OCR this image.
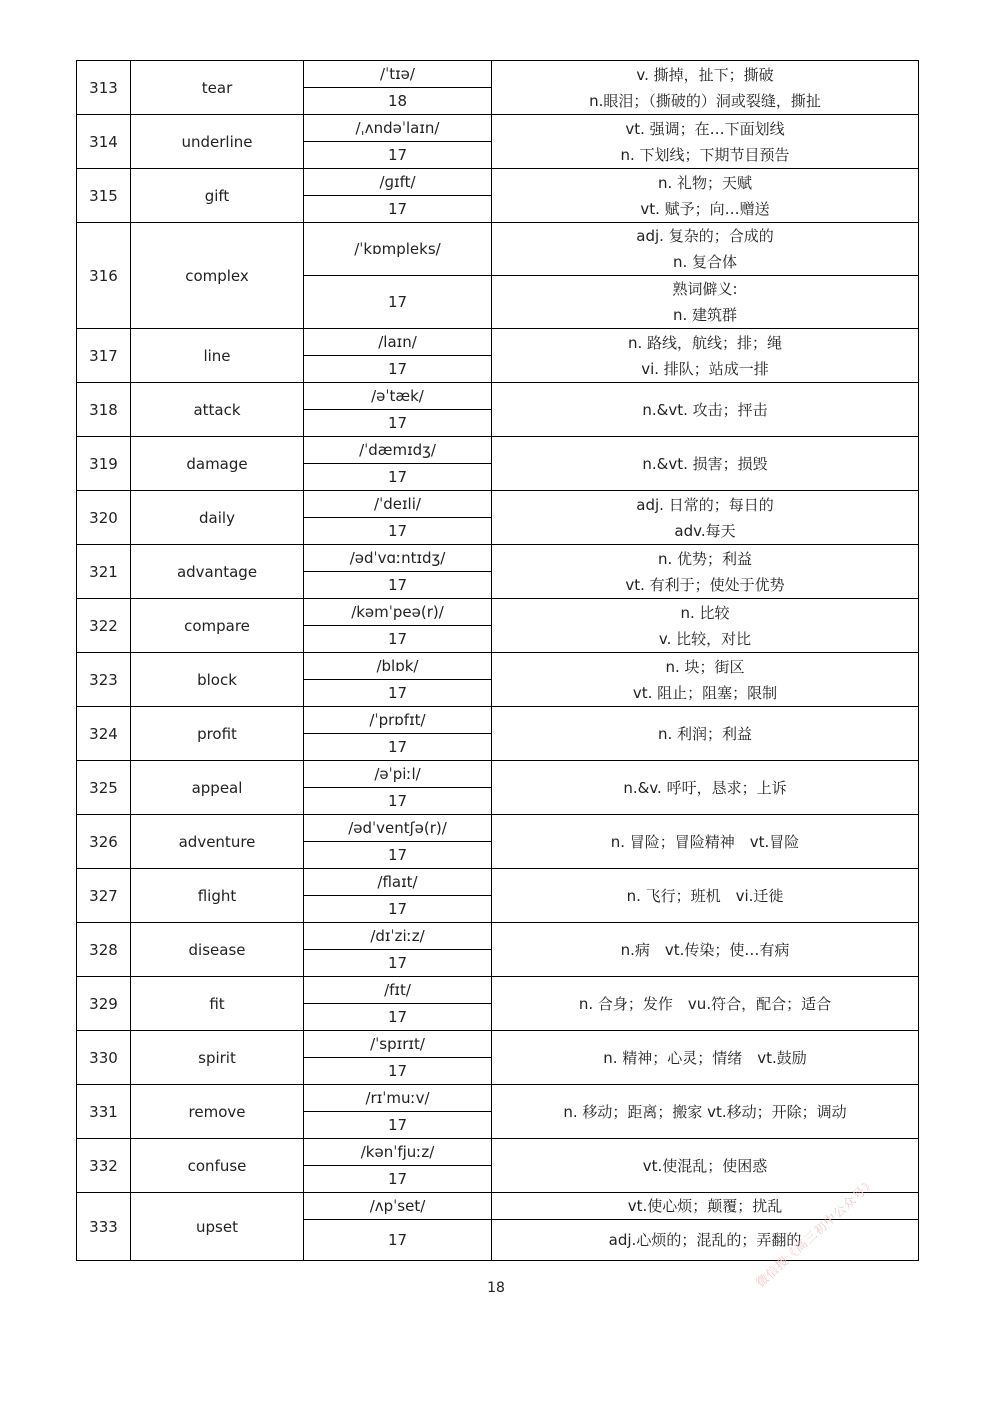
313	tear	/ˈtɪə/	v. 撕掉，扯下；撕破
n.眼泪；（撕破的）洞或裂缝，撕扯

		18	
314	underline	/ˌʌndəˈlaɪn/	vt. 强调；在…下面划线
n. 下划线；下期节目预告

		17	
315	gift	/ɡɪft/	n. 礼物；天赋
vt. 赋予；向…赠送

		17	
316	complex	/ˈkɒmpleks/	adj. 复杂的；合成的
n. 复合体

		17	熟词僻义:
n. 建筑群

317	line	/laɪn/	n. 路线，航线；排；绳
vi. 排队；站成一排

		17	
318	attack	/əˈtæk/	n.&vt. 攻击；抨击

		17	
319	damage	/ˈdæmɪdʒ/	n.&vt. 损害；损毁

		17	
320	daily	/ˈdeɪli/	adj. 日常的；每日的
adv.每天

		17	
321	advantage	/ədˈvɑːntɪdʒ/	n. 优势；利益
vt. 有利于；使处于优势

		17	
322	compare	/kəmˈpeə(r)/	n. 比较
v. 比较，对比

		17	
323	block	/blɒk/	n. 块；街区
vt. 阻止；阻塞；限制

		17	
324	profit	/ˈprɒfɪt/	n. 利润；利益

		17	
325	appeal	/əˈpiːl/	n.&v. 呼吁，恳求；上诉

		17	
326	adventure	/ədˈventʃə(r)/	n. 冒险；冒险精神　vt.冒险

		17	
327	flight	/flaɪt/	n. 飞行；班机　vi.迁徙

		17	
328	disease	/dɪˈziːz/	n.病　vt.传染；使…有病

		17	
329	fit	/fɪt/	n. 合身；发作　vu.符合，配合；适合

		17	
330	spirit	/ˈspɪrɪt/	n. 精神；心灵；情绪　vt.鼓励

		17	
331	remove	/rɪˈmuːv/	n. 移动；距离；搬家 vt.移动；开除；调动

		17	
332	confuse	/kənˈfjuːz/	vt.使混乱；使困惑

		17	
333	upset	/ʌpˈset/	vt.使心烦；颠覆；扰乱

		17	adj.心烦的；混乱的；弄翻的
18	微信搜《高三初中公众号》
